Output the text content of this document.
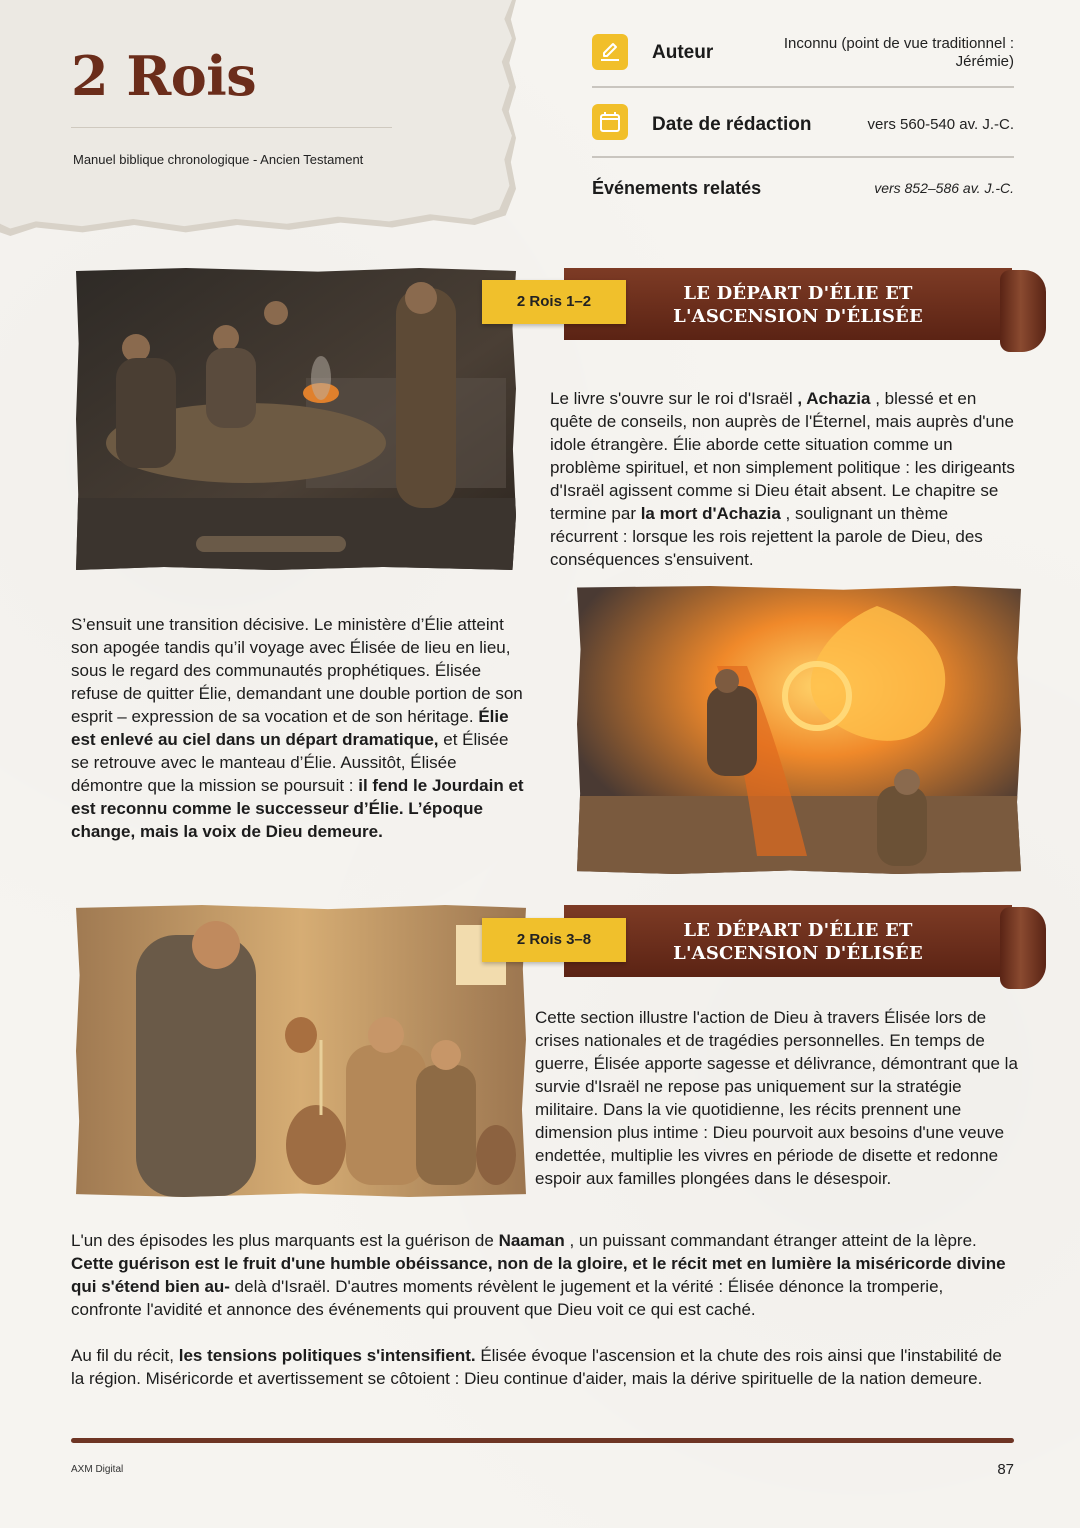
2 Rois
Manuel biblique chronologique - Ancien Testament
Auteur	Inconnu (point de vue traditionnel : Jérémie)
Date de rédaction	vers 560-540 av. J.-C.
Événements relatés	vers 852–586 av. J.-C.
LE DÉPART D'ÉLIE ET L'ASCENSION D'ÉLISÉE
2 Rois 1–2

Le livre s'ouvre sur le roi d'Israël , Achazia , blessé et en quête de conseils, non auprès de l'Éternel, mais auprès d'une idole étrangère. Élie aborde cette situation comme un problème spirituel, et non simplement politique : les dirigeants d'Israël agissent comme si Dieu était absent. Le chapitre se termine par la mort d'Achazia , soulignant un thème récurrent : lorsque les rois rejettent la parole de Dieu, des conséquences s'ensuivent.

S’ensuit une transition décisive. Le ministère d’Élie atteint son apogée tandis qu’il voyage avec Élisée de lieu en lieu, sous le regard des communautés prophétiques. Élisée refuse de quitter Élie, demandant une double portion de son esprit – expression de sa vocation et de son héritage. Élie est enlevé au ciel dans un départ dramatique, et Élisée se retrouve avec le manteau d’Élie. Aussitôt, Élisée démontre que la mission se poursuit : il fend le Jourdain et est reconnu comme le successeur d’Élie. L’époque change, mais la voix de Dieu demeure.

LE DÉPART D'ÉLIE ET L'ASCENSION D'ÉLISÉE
2 Rois 3–8

Cette section illustre l'action de Dieu à travers Élisée lors de crises nationales et de tragédies personnelles. En temps de guerre, Élisée apporte sagesse et délivrance, démontrant que la survie d'Israël ne repose pas uniquement sur la stratégie militaire. Dans la vie quotidienne, les récits prennent une dimension plus intime : Dieu pourvoit aux besoins d'une veuve endettée, multiplie les vivres en période de disette et redonne espoir aux familles plongées dans le désespoir.

L'un des épisodes les plus marquants est la guérison de Naaman , un puissant commandant étranger atteint de la lèpre. Cette guérison est le fruit d'une humble obéissance, non de la gloire, et le récit met en lumière la miséricorde divine qui s'étend bien au- delà d'Israël. D'autres moments révèlent le jugement et la vérité : Élisée dénonce la tromperie, confronte l'avidité et annonce des événements qui prouvent que Dieu voit ce qui est caché.

Au fil du récit, les tensions politiques s'intensifient. Élisée évoque l'ascension et la chute des rois ainsi que l'instabilité de la région. Miséricorde et avertissement se côtoient : Dieu continue d'aider, mais la dérive spirituelle de la nation demeure.

AXM Digital	87
